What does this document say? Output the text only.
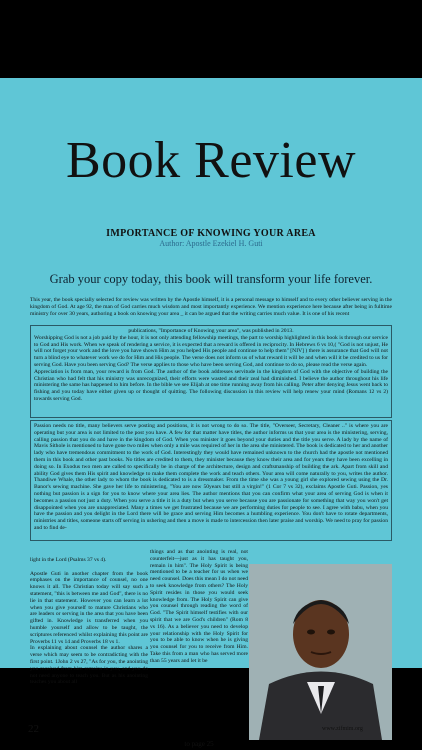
Book Review
IMPORTANCE OF KNOWING YOUR AREA
Author: Apostle Ezekiel H. Guti
Grab your copy today, this book will transform your life forever.
This year, the book specially selected for review was written by the Apostle himself, it is a personal message to himself and to every other believer serving in the kingdom of God. At age 92, the man of God carries much wisdom and most importantly experience. We mention experience here because after being in fulltime ministry for over 30 years, authoring a book on knowing your area _ it can be argued that the writing carries much value. It is one of his recent
publications, "Importance of Knowing your area", was published in 2013.
Worshipping God is not a job paid by the hour, it is not only attending fellowship meetings, the part to worship highlighted in this book is through our service to God and His work. When we speak of rendering a service, it is expected that a reward is offered in reciprocity. In Hebrews 6 vs 10,( "God is not unjust, He will not forget your work and the love you have shown Him as you helped His people and continue to help them" [NIV] ) there is assurance that God will not turn a blind eye to whatever work we do for Him and His people. The verse does not inform us of what reward it will be and when will it be credited to us for serving God. Have you been serving God? The verse applies to those who have been serving God, and continue to do so, please read the verse again.
Appreciation is from man, your reward is from God. The author of the book addresses servitude in the kingdom of God with the objective of building the Christian who had felt that his ministry was unrecognized, their efforts were wasted and their zeal had diminished. I believe the author throughout his life ministering the same has happened to him before. In the bible we see Elijah at one time running away from his calling. Peter after denying Jesus went back to fishing and you today have either given up or thought of quitting. The following discussion in this review will help renew your mind (Romans 12 vs 2) towards serving God.
Passion needs no title, many believers serve posting and positions, it is not wrong to do so. The title, "Overseer, Secretary, Cleaner .." is where you are operating but your area is not limited to the post you have. A few for that matter have titles, the author informs us that your area is the ministering, serving, calling passion that you do and have in the kingdom of God. When you minister it goes beyond your duties and the title you serve. A lady by the name of Mavis Sithole is mentioned to have gone two miles when only a mile was required of her in the area she ministered. The book is dedicated to her and another lady who have tremendous commitment to the work of God. Interestingly they would have remained unknown to the church had the apostle not mentioned them in this book and other past books. No titles are credited to them, they minister because they know their area and for years they have been excelling in doing so. In Exodus two men are called to specifically be in charge of the architecture, design and craftsmanship of building the ark. Apart from skill and ability God gives them His spirit and knowledge to make them complete the work and teach others. Your area will come naturally to you, writes the author. Thandiwe Whale, the other lady to whom the book is dedicated to is a dressmaker. From the time she was a young girl she explored sewing using the Dr. Banor's sewing machine. She gave her life to ministering, "You are now 50years but still a virgin!" (1 Cor 7 vs 32), exclaims Apostle Guti. Passion, yes nothing but passion is a sign for you to know where your area lies. The author mentions that you can confirm what your area of serving God is when it becomes a passion not just a duty. When you serve a title it is a duty but when you serve because you are passionate for something that way you won't get disappointed when you are unappreciated. Many a times we get frustrated because we are performing duties for people to see. I agree with babu, when you have the passion and you delight in the Lord there will be grace and serving Him becomes a humbling experience. You don't have to rotate departments, ministries and titles, someone starts off serving in ushering and then a move is made to intercession then later praise and worship. We need to pray for passion and to find de-
light in the Lord (Psalms 37 vs 4).

Apostle Guti in another chapter from the book emphases on the importance of counsel, no one knows it all. The Christian today will say such a statement, "this is between me and God", there is no lie in that statement. However you can learn a lot when you give yourself to mature Christians who are leaders or serving in the area that you have been gifted in. Knowledge is transferred when you humble yourself and allow to be taught, the scriptures referenced whilst explaining this point are Proverbs 11 vs 14 and Proverbs 18 vs 1.
In explaining about counsel the author shares a verse which may seem to be contradicting with the first point. 1John 2 vs 27, "As for you, the anointing you received from him remains in you, and you do not need anyone to teach you. But as his anointing teaches you about all
things and as that anointing is real, not counterfeit—just as it has taught you, remain in him". The Holy Spirit is being mentioned to be a teacher for us when we need counsel. Does this mean I do not need to seek knowledge from others? The Holy Spirit resides in those you would seek knowledge from. The Holy Spirit can give you counsel through reading the word of God. "The Spirit himself testifies with our spirit that we are God's children" (Rom 8 vs 16). As a believer you need to develop your relationship with the Holy Spirit for you to be able to know when he is giving you counsel for you to receive from Him. Take this from a man who has served more than 55 years and let it be
to page 25
22	www.zifmim.org
